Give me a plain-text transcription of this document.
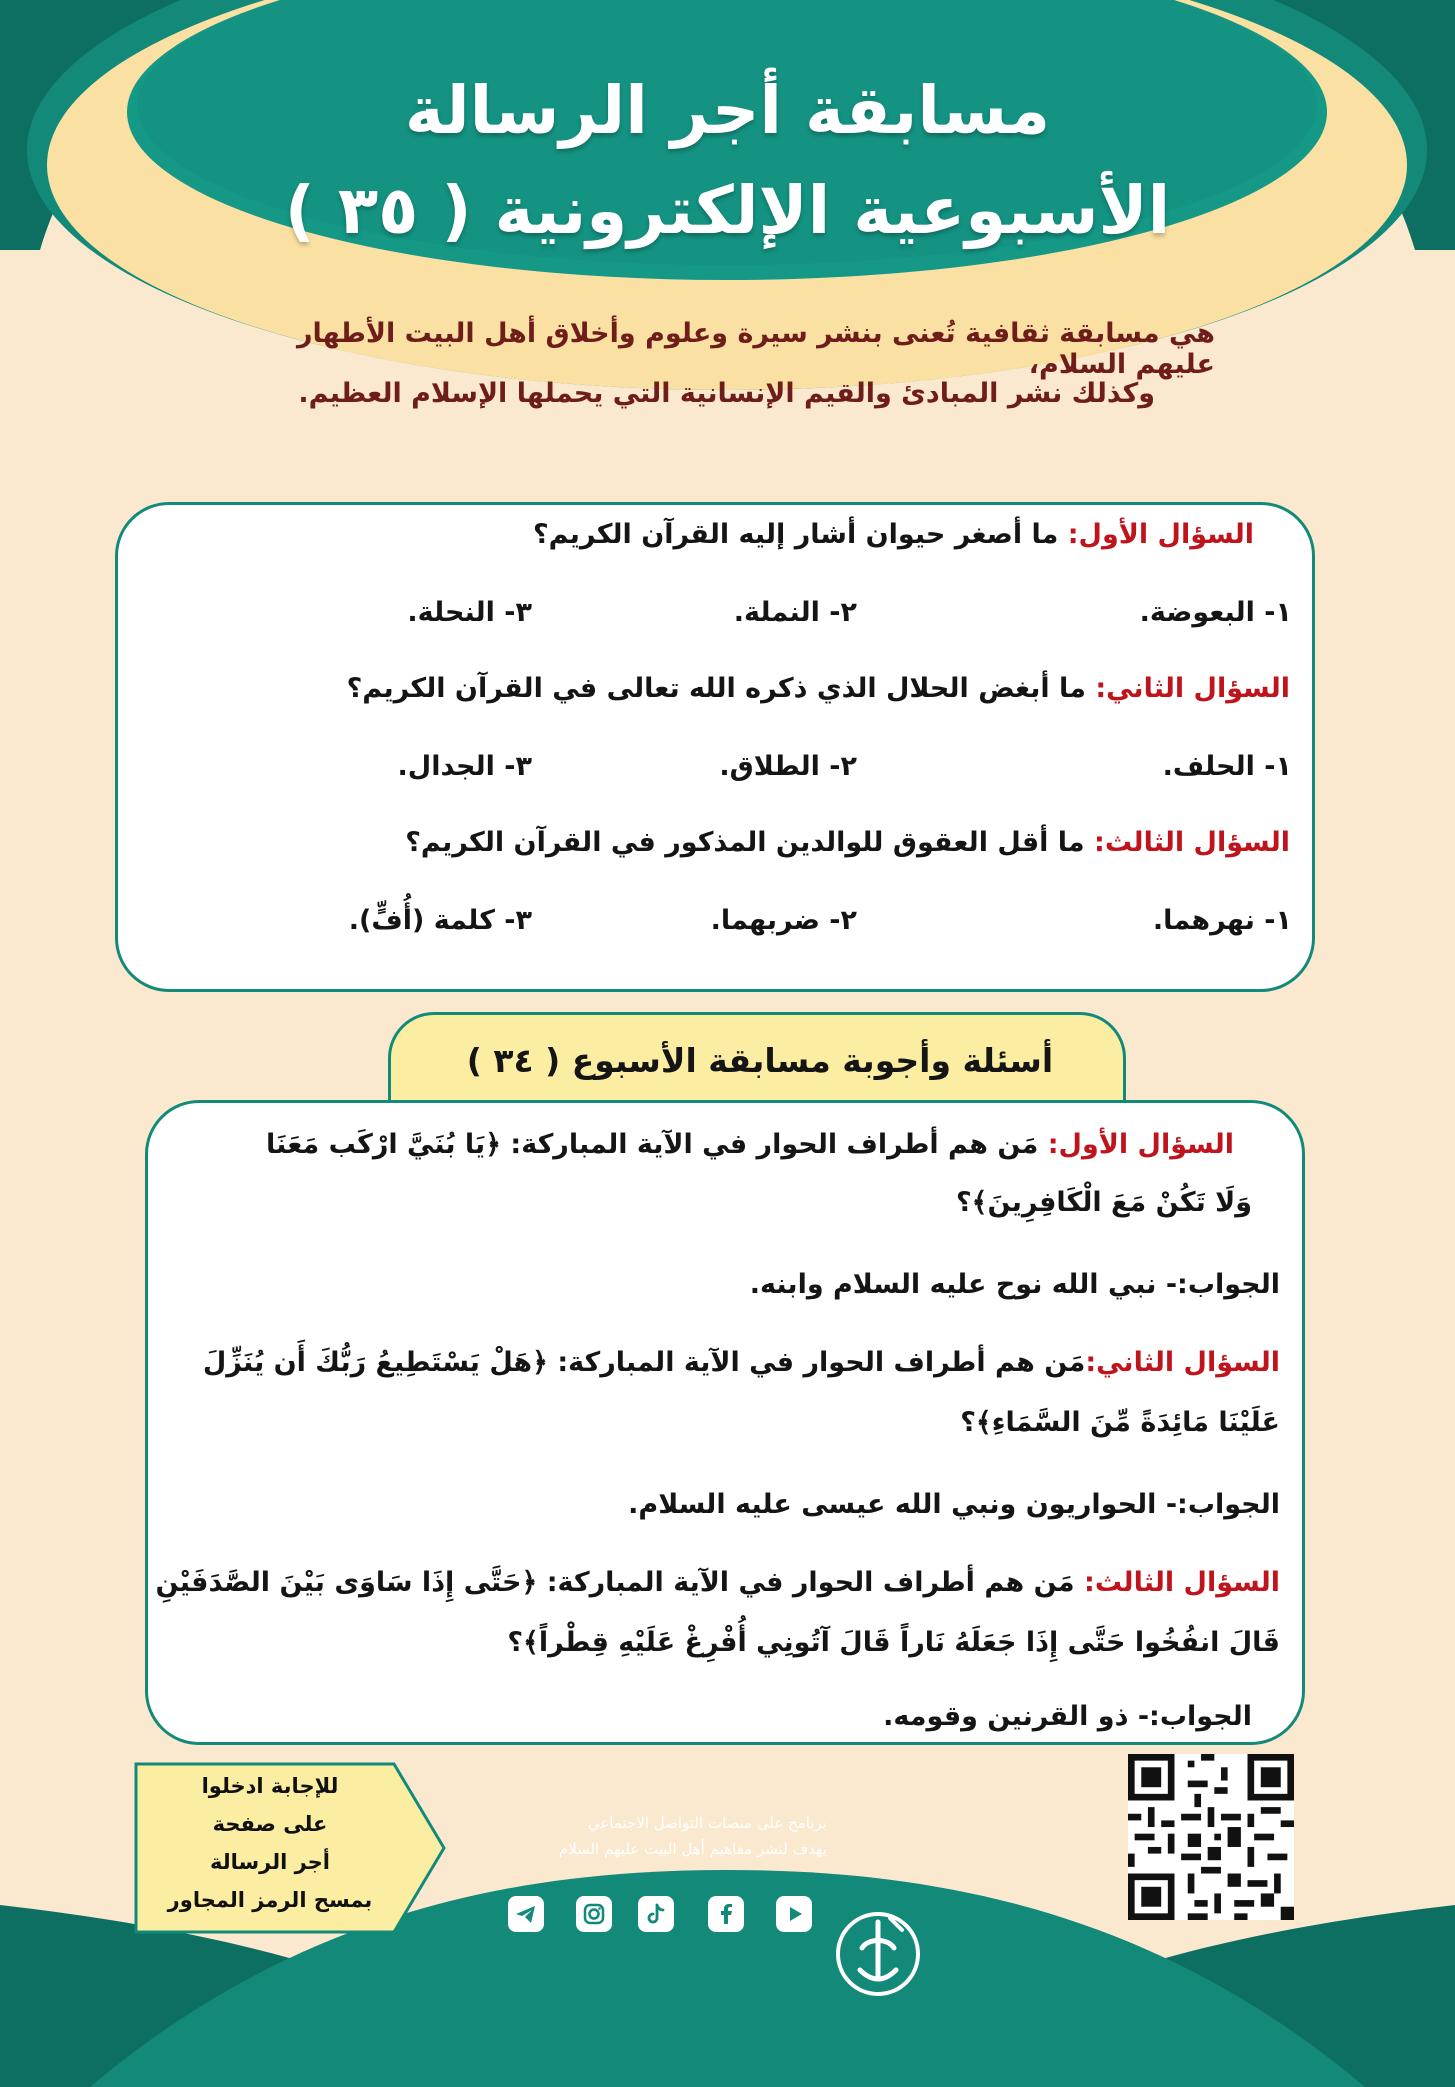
مسابقة أجر الرسالة
الأسبوعية الإلكترونية ( ٣٥ )
هي مسابقة ثقافية تُعنى بنشر سيرة وعلوم وأخلاق أهل البيت الأطهار عليهم السلام،
وكذلك نشر المبادئ والقيم الإنسانية التي يحملها الإسلام العظيم.
السؤال الأول: ما أصغر حيوان أشار إليه القرآن الكريم؟
١- البعوضة.
٢- النملة.
٣- النحلة.
السؤال الثاني: ما أبغض الحلال الذي ذكره الله تعالى في القرآن الكريم؟
١- الحلف.
٢- الطلاق.
٣- الجدال.
السؤال الثالث: ما أقل العقوق للوالدين المذكور في القرآن الكريم؟
١- نهرهما.
٢- ضربهما.
٣- كلمة (أُفٍّ).
أسئلة وأجوبة مسابقة الأسبوع ( ٣٤ )
السؤال الأول: مَن هم أطراف الحوار في الآية المباركة: ﴿يَا بُنَيَّ ارْكَب مَعَنَا
وَلَا تَكُنْ مَعَ الْكَافِرِينَ﴾؟
الجواب:- نبي الله نوح عليه السلام وابنه.
السؤال الثاني:مَن هم أطراف الحوار في الآية المباركة: ﴿هَلْ يَسْتَطِيعُ رَبُّكَ أَن يُنَزِّلَ
عَلَيْنَا مَائِدَةً مِّنَ السَّمَاءِ﴾؟
الجواب:- الحواريون ونبي الله عيسى عليه السلام.
السؤال الثالث: مَن هم أطراف الحوار في الآية المباركة: ﴿حَتَّى إِذَا سَاوَى بَيْنَ الصَّدَفَيْنِ
قَالَ انفُخُوا حَتَّى إِذَا جَعَلَهُ نَاراً قَالَ آتُونِي أُفْرِغْ عَلَيْهِ قِطْراً﴾؟
الجواب:- ذو القرنين وقومه.
للإجابة ادخلوا
على صفحة
أجر الرسالة
بمسح الرمز المجاور
برنامج على منصات التواصل الاجتماعي
يهدف لنشر مفاهيم أهل البيت عليهم السلام
